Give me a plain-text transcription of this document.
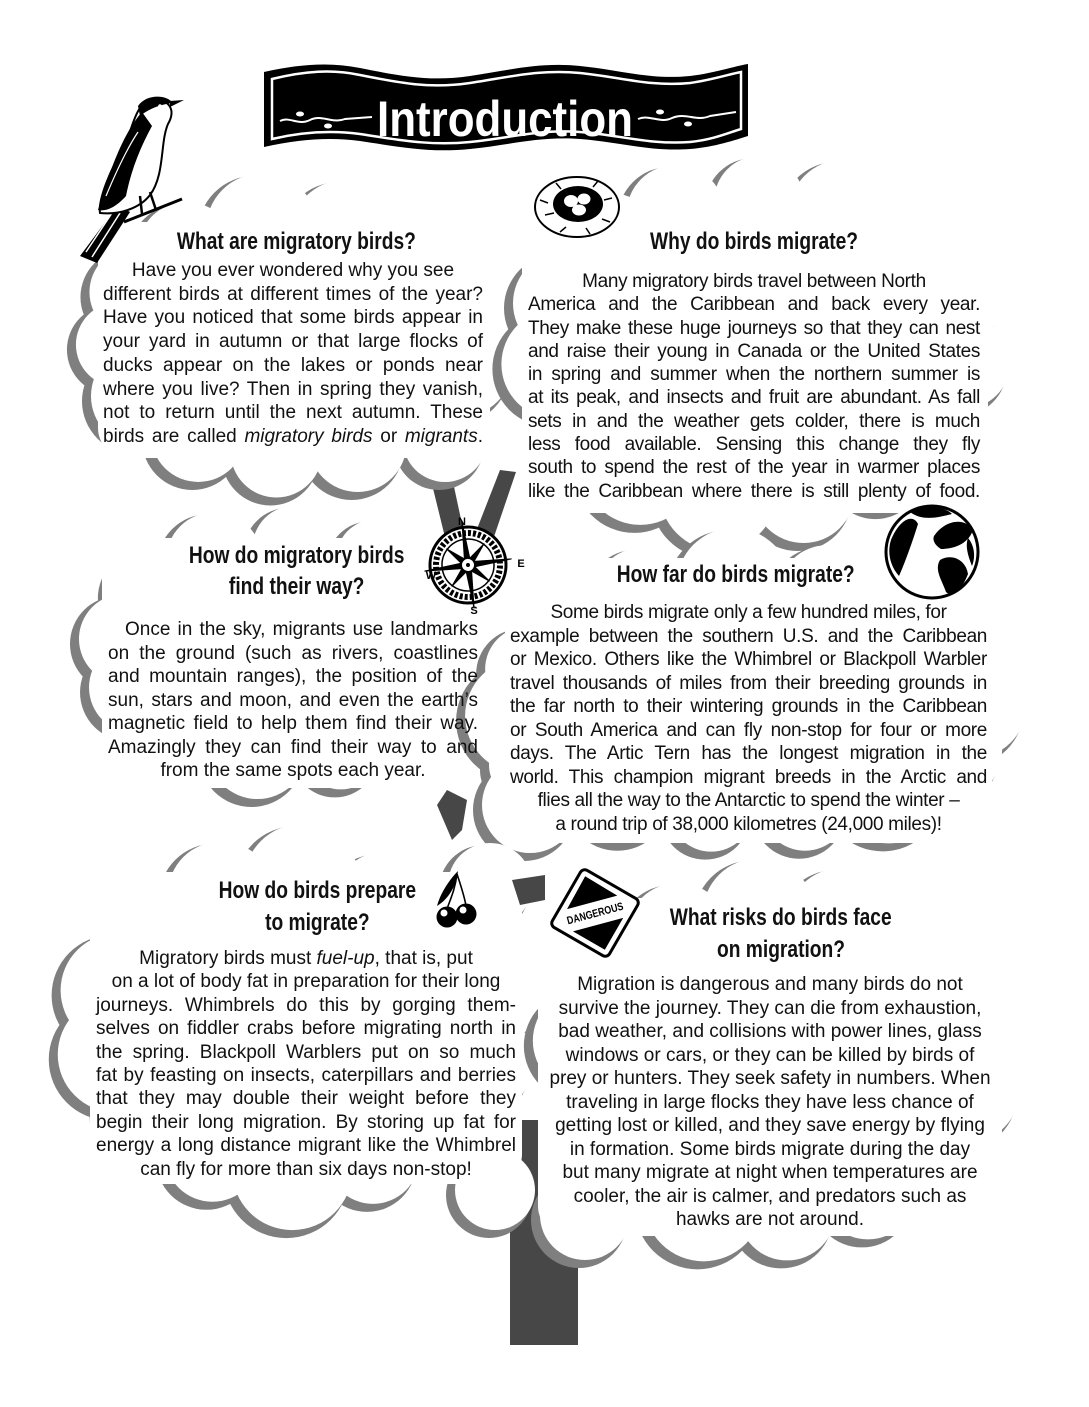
Introduction
N
E
S
W
DANGEROUS
What are migratory birds?
Have you ever wondered why you see
different birds at different times of the year?
Have you noticed that some birds appear in
your yard in autumn or that large flocks of
ducks appear on the lakes or ponds near
where you live? Then in spring they vanish,
not to return until the next autumn. These
birds are called migratory birds or migrants.
Why do birds migrate?
Many migratory birds travel between North
America and the Caribbean and back every year.
They make these huge journeys so that they can nest
and raise their young in Canada or the United States
in spring and summer when the northern summer is
at its peak, and insects and fruit are abundant. As fall
sets in and the weather gets colder, there is much
less food available. Sensing this change they fly
south to spend the rest of the year in warmer places
like the Caribbean where there is still plenty of food.
How do migratory birds
find their way?
Once in the sky, migrants use landmarks
on the ground (such as rivers, coastlines
and mountain ranges), the position of the
sun, stars and moon, and even the earth’s
magnetic field to help them find their way.
Amazingly they can find their way to and
from the same spots each year.
How far do birds migrate?
Some birds migrate only a few hundred miles, for
example between the southern U.S. and the Caribbean
or Mexico. Others like the Whimbrel or Blackpoll Warbler
travel thousands of miles from their breeding grounds in
the far north to their wintering grounds in the Caribbean
or South America and can fly non-stop for four or more
days. The Artic Tern has the longest migration in the
world. This champion migrant breeds in the Arctic and
flies all the way to the Antarctic to spend the winter –
a round trip of 38,000 kilometres (24,000 miles)!
How do birds prepare
to migrate?
Migratory birds must fuel-up, that is, put
on a lot of body fat in preparation for their long
journeys. Whimbrels do this by gorging them-
selves on fiddler crabs before migrating north in
the spring. Blackpoll Warblers put on so much
fat by feasting on insects, caterpillars and berries
that they may double their weight before they
begin their long migration. By storing up fat for
energy a long distance migrant like the Whimbrel
can fly for more than six days non-stop!
What risks do birds face
on migration?
Migration is dangerous and many birds do not
survive the journey. They can die from exhaustion,
bad weather, and collisions with power lines, glass
windows or cars, or they can be killed by birds of
prey or hunters. They seek safety in numbers. When
traveling in large flocks they have less chance of
getting lost or killed, and they save energy by flying
in formation. Some birds migrate during the day
but many migrate at night when temperatures are
cooler, the air is calmer, and predators such as
hawks are not around.
